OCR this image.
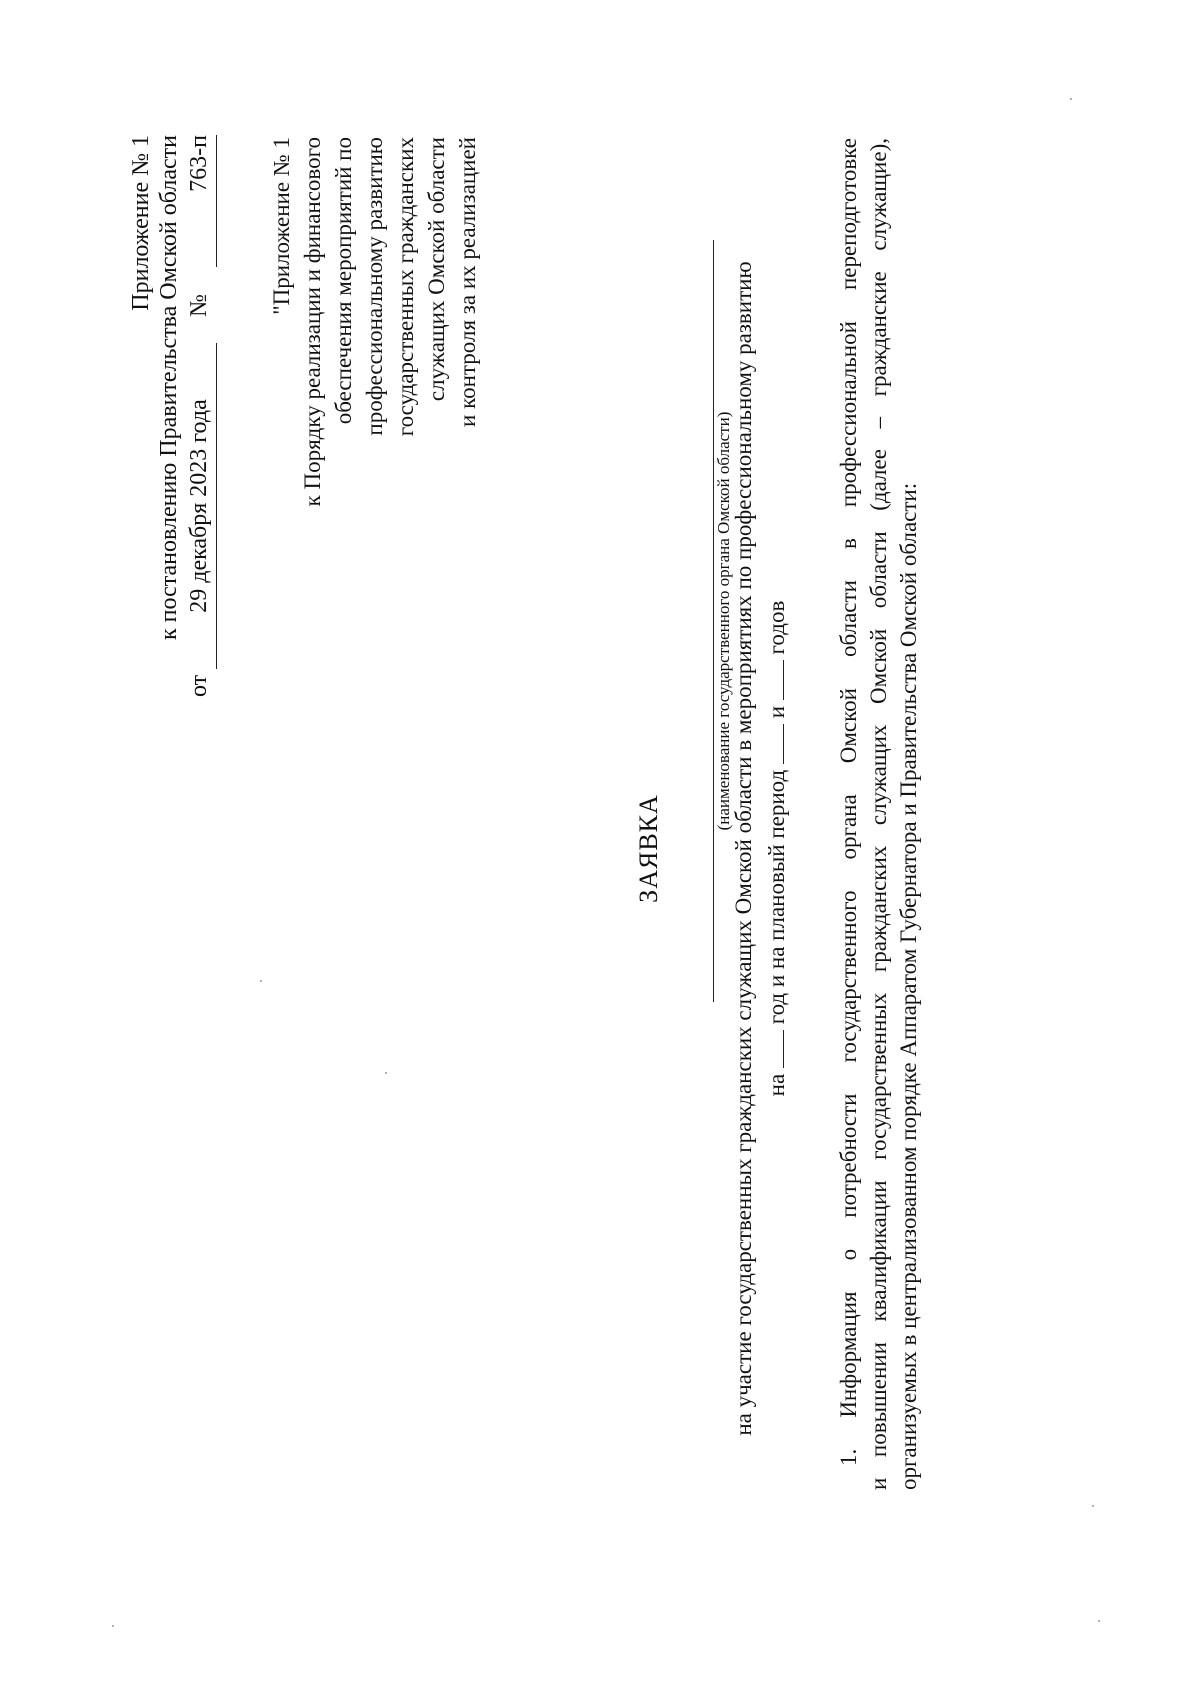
Приложение № 1 к постановлению Правительства Омской области
от
29 декабря 2023 года
№
763-п "Приложение № 1 к Порядку реализации и финансового обеспечения мероприятий по профессиональному развитию государственных гражданских служащих Омской области и контроля за их реализацией
ЗАЯВКА
(наименование государственного органа Омской области)
на участие государственных гражданских служащих Омской области в мероприятиях по профессиональному развитию на  год и на плановый период  и  годов 1. Информация о потребности государственного органа Омской области в профессиональной переподготовке и повышении квалификации государственных гражданских служащих Омской области (далее – гражданские служащие), организуемых в централизованном порядке Аппаратом Губернатора и Правительства Омской области:
